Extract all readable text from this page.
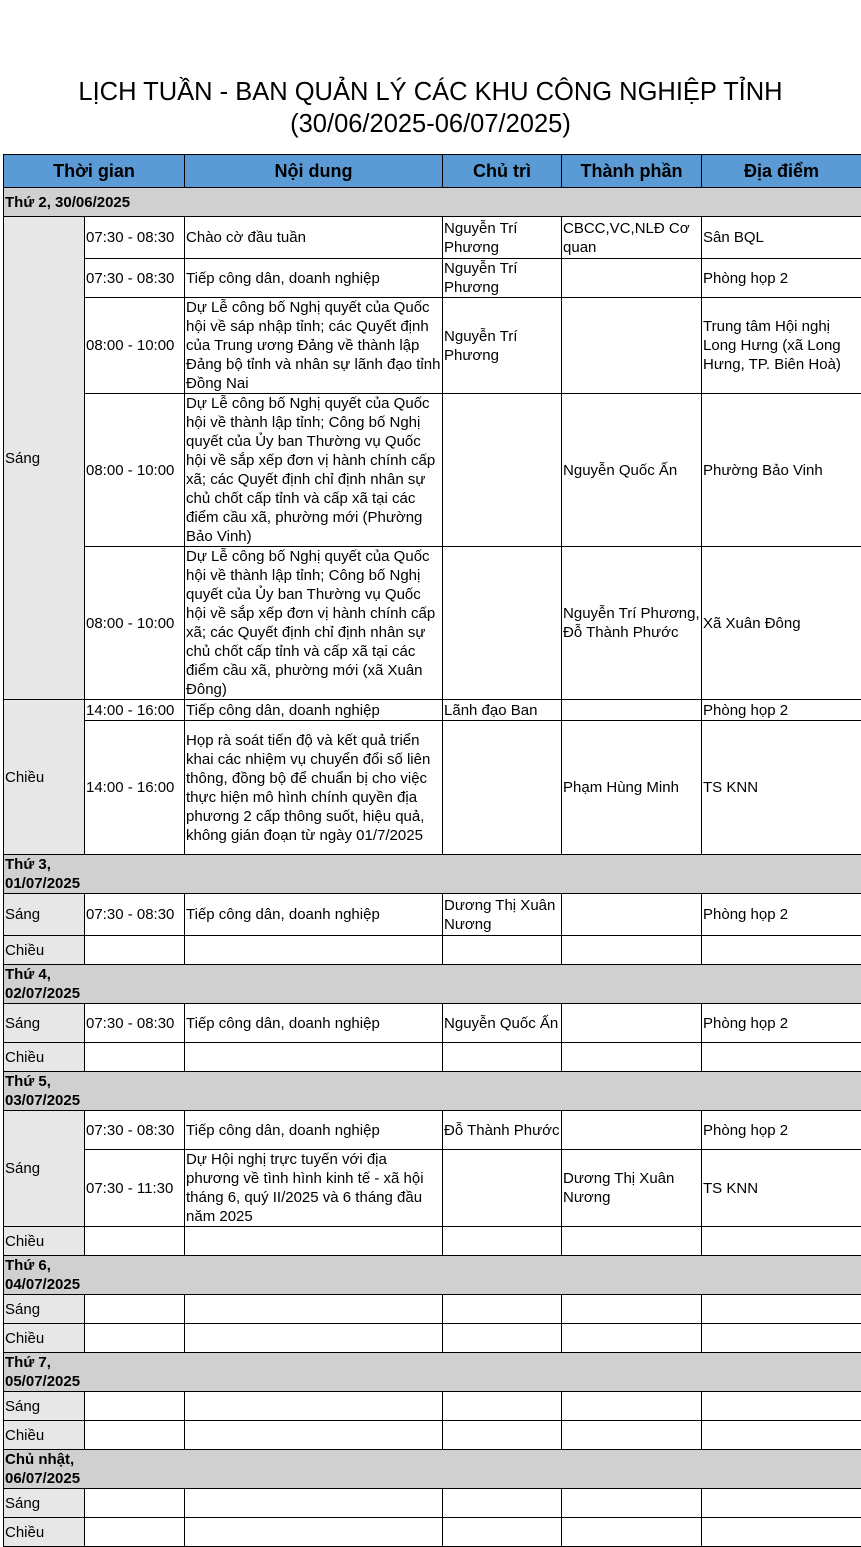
LỊCH TUẦN - BAN QUẢN LÝ CÁC KHU CÔNG NGHIỆP TỈNH
(30/06/2025-06/07/2025)
Thời gian		Nội dung	Chủ trì	Thành phần	Địa điểm
Thứ 2, 30/06/2025					
Sáng	07:30 - 08:30	Chào cờ đầu tuần	Nguyễn Trí Phương	CBCC,VC,NLĐ Cơ quan	Sân BQL
	07:30 - 08:30	Tiếp công dân, doanh nghiệp	Nguyễn Trí Phương		Phòng họp 2
	08:00 - 10:00	Dự Lễ công bố Nghị quyết của Quốc hội về sáp nhập tỉnh; các Quyết định của Trung ương Đảng về thành lập Đảng bộ tỉnh và nhân sự lãnh đạo tỉnh Đồng Nai	Nguyễn Trí Phương		Trung tâm Hội nghị Long Hưng (xã Long Hưng, TP. Biên Hoà)
	08:00 - 10:00	Dự Lễ công bố Nghị quyết của Quốc hội về thành lập tỉnh; Công bố Nghị quyết của Ủy ban Thường vụ Quốc hội về sắp xếp đơn vị hành chính cấp xã; các Quyết định chỉ định nhân sự chủ chốt cấp tỉnh và cấp xã tại các điểm cầu xã, phường mới (Phường Bảo Vinh)		Nguyễn Quốc Ấn	Phường Bảo Vinh
	08:00 - 10:00	Dự Lễ công bố Nghị quyết của Quốc hội về thành lập tỉnh; Công bố Nghị quyết của Ủy ban Thường vụ Quốc hội về sắp xếp đơn vị hành chính cấp xã; các Quyết định chỉ định nhân sự chủ chốt cấp tỉnh và cấp xã tại các điểm cầu xã, phường mới (xã Xuân Đông)		Nguyễn Trí Phương, Đỗ Thành Phước	Xã Xuân Đông
Chiều	14:00 - 16:00	Tiếp công dân, doanh nghiệp	Lãnh đạo Ban		Phòng họp 2
	14:00 - 16:00	Họp rà soát tiến độ và kết quả triển khai các nhiệm vụ chuyển đổi số liên thông, đồng bộ để chuẩn bị cho việc thực hiện mô hình chính quyền địa phương 2 cấp thông suốt, hiệu quả, không gián đoạn từ ngày 01/7/2025		Phạm Hùng Minh	TS KNN
Thứ 3, 01/07/2025					
Sáng	07:30 - 08:30	Tiếp công dân, doanh nghiệp	Dương Thị Xuân Nương		Phòng họp 2
Chiều					
Thứ 4, 02/07/2025					
Sáng	07:30 - 08:30	Tiếp công dân, doanh nghiệp	Nguyễn Quốc Ấn		Phòng họp 2
Chiều					
Thứ 5, 03/07/2025					
Sáng	07:30 - 08:30	Tiếp công dân, doanh nghiệp	Đỗ Thành Phước		Phòng họp 2
	07:30 - 11:30	Dự Hội nghị trực tuyến với địa phương về tình hình kinh tế - xã hội tháng 6, quý II/2025 và 6 tháng đầu năm 2025		Dương Thị Xuân Nương	TS KNN
Chiều					
Thứ 6, 04/07/2025					
Sáng					
Chiều					
Thứ 7, 05/07/2025					
Sáng					
Chiều					
Chủ nhật, 06/07/2025					
Sáng					
Chiều					
